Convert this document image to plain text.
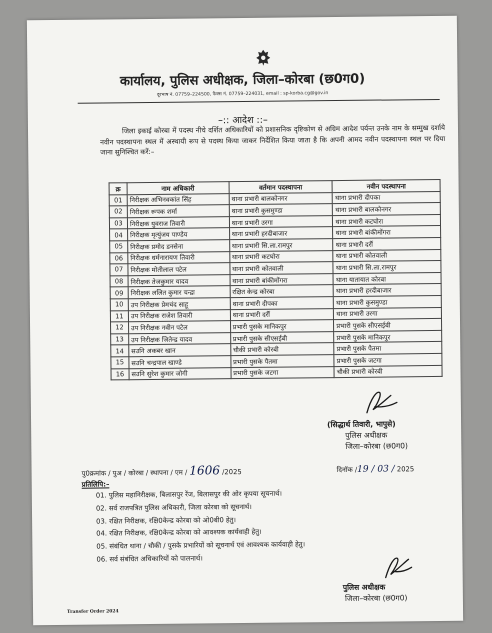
कार्यालय, पुलिस अधीक्षक, जिला–कोरबा (छ0ग0)
दूरभाष नं. 07759–224500, फैक्स नं. 07759–224031, email : sp-korba.cg@gov.in
–:: आदेश ::–

जिला इकाई कोरबा में पदस्थ नीचे दर्शित अधिकारियों को प्रशासनिक दृष्टिकोण से अग्रिम आदेश पर्यन्त उनके नाम के सम्मुख दर्शाये नवीन पदस्थापना स्थल में अस्थायी रूप से पदस्थ किया जाकर निर्देशित किया जाता है कि अपनी आमद नवीन पदस्थापना स्थल पर दिया जाना सुनिश्चित करें:–

क्र	नाम अधिकारी	वर्तमान पदस्थापना	नवीन पदस्थापना
01	निरीक्षक अभिनवकांत सिंह	थाना प्रभारी बालकोनगर	थाना प्रभारी दीपका
02	निरीक्षक रूपक शर्मा	थाना प्रभारी कुसमुण्डा	थाना प्रभारी बालकोनगर
03	निरीक्षक युवराज तिवारी	थाना प्रभारी उरगा	थाना प्रभारी कटघोरा
04	निरीक्षक मृत्युंजय पाण्डेय	थाना प्रभारी हरदीबाजार	थाना प्रभारी बांकीमोंगरा
05	निरीक्षक प्रमोद डनसेना	थाना प्रभारी सि.ला.रामपुर	थाना प्रभारी दर्री
06	निरीक्षक धर्मनारायण तिवारी	थाना प्रभारी कटघोरा	थाना प्रभारी कोतवाली
07	निरीक्षक मोतीलाल पटेल	थाना प्रभारी कोतवाली	थाना प्रभारी सि.ला.रामपुर
08	निरीक्षक तेजकुमार यादव	थाना प्रभारी बांकीमोंगरा	थाना यातायात कोरबा
09	निरीक्षक ललित कुमार चन्द्रा	रक्षित केन्द्र कोरबा	थाना प्रभारी हरदीबाजार
10	उप निरीक्षक प्रेमचंद साहू	थाना प्रभारी दीपका	थाना प्रभारी कुसमुण्डा
11	उप निरीक्षक राजेश तिवारी	थाना प्रभारी दर्री	थाना प्रभारी उरगा
12	उप निरीक्षक नवीन पटेल	प्रभारी पुसके मानिकपुर	प्रभारी पुसके सीएसईबी
13	उप निरीक्षक जितेन्द्र यादव	प्रभारी पुसके सीएसईबी	प्रभारी पुसके मानिकपुर
14	सउनि अकबर खान	चौकी प्रभारी कोरबी	प्रभारी पुसके पैतमा
15	सउनि चन्द्रपाल खाण्डे	प्रभारी पुसके पैतमा	प्रभारी पुसके जटगा
16	सउनि सुरेश कुमार जोगी	प्रभारी पुसके जटगा	चौकी प्रभारी कोरबी
(सिद्धार्थ तिवारी, भापुसे)
पुलिस अधीक्षक
जिला–कोरबा (छ0ग0)
पु0क्रमांक / पुअ / कोरबा / स्थापना / एम / 1606 /2025	दिनॉक /19 / 03 / 2025
प्रतिलिपि:–
01. पुलिस महानिरीक्षक, बिलासपुर रेंज, बिलासपुर की ओर कृपया सूचनार्थ।
02. सर्व राजपत्रित पुलिस अधिकारी, जिला कोरबा को सूचनार्थ।
03. रक्षित निरीक्षक, रक्षि0केन्द्र कोरबा को ओ0बी0 हेतु।
04. रक्षित निरीक्षक, रक्षि0केन्द्र कोरबा को आवश्यक कार्यवाही हेतु।
05. संबंधित थाना / चौकी / पुसके प्रभारियों को सूचनार्थ एवं आवश्यक कार्यवाही हेतु।
06. सर्व संबंधित अधिकारियों को पालनार्थ।
पुलिस अधीक्षक
जिला–कोरबा (छ0ग0)
Transfer Order 2024
